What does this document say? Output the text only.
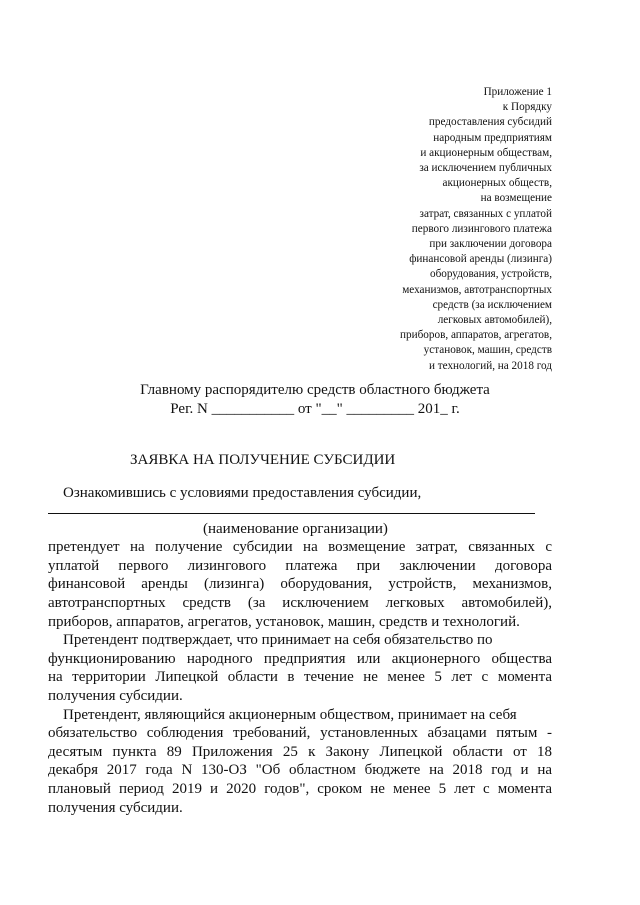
Приложение 1
к Порядку
предоставления субсидий
народным предприятиям
и акционерным обществам,
за исключением публичных
акционерных обществ,
на возмещение
затрат, связанных с уплатой
первого лизингового платежа
при заключении договора
финансовой аренды (лизинга)
оборудования, устройств,
механизмов, автотранспортных
средств (за исключением
легковых автомобилей),
приборов, аппаратов, агрегатов,
установок, машин, средств
и технологий, на 2018 год
Главному распорядителю средств областного бюджета
Рег. N ___________ от "__" _________ 201_ г.
ЗАЯВКА НА ПОЛУЧЕНИЕ СУБСИДИИ
Ознакомившись с условиями предоставления субсидии,
(наименование организации)
претендует на получение субсидии на возмещение затрат, связанных с
уплатой первого лизингового платежа при заключении договора
финансовой аренды (лизинга) оборудования, устройств, механизмов,
автотранспортных средств (за исключением легковых автомобилей),
приборов, аппаратов, агрегатов, установок, машин, средств и технологий.
Претендент подтверждает, что принимает на себя обязательство по
функционированию народного предприятия или акционерного общества
на территории Липецкой области в течение не менее 5 лет с момента
получения субсидии.
Претендент, являющийся акционерным обществом, принимает на себя
обязательство соблюдения требований, установленных абзацами пятым -
десятым пункта 89 Приложения 25 к Закону Липецкой области от 18
декабря 2017 года N 130-ОЗ "Об областном бюджете на 2018 год и на
плановый период 2019 и 2020 годов", сроком не менее 5 лет с момента
получения субсидии.
